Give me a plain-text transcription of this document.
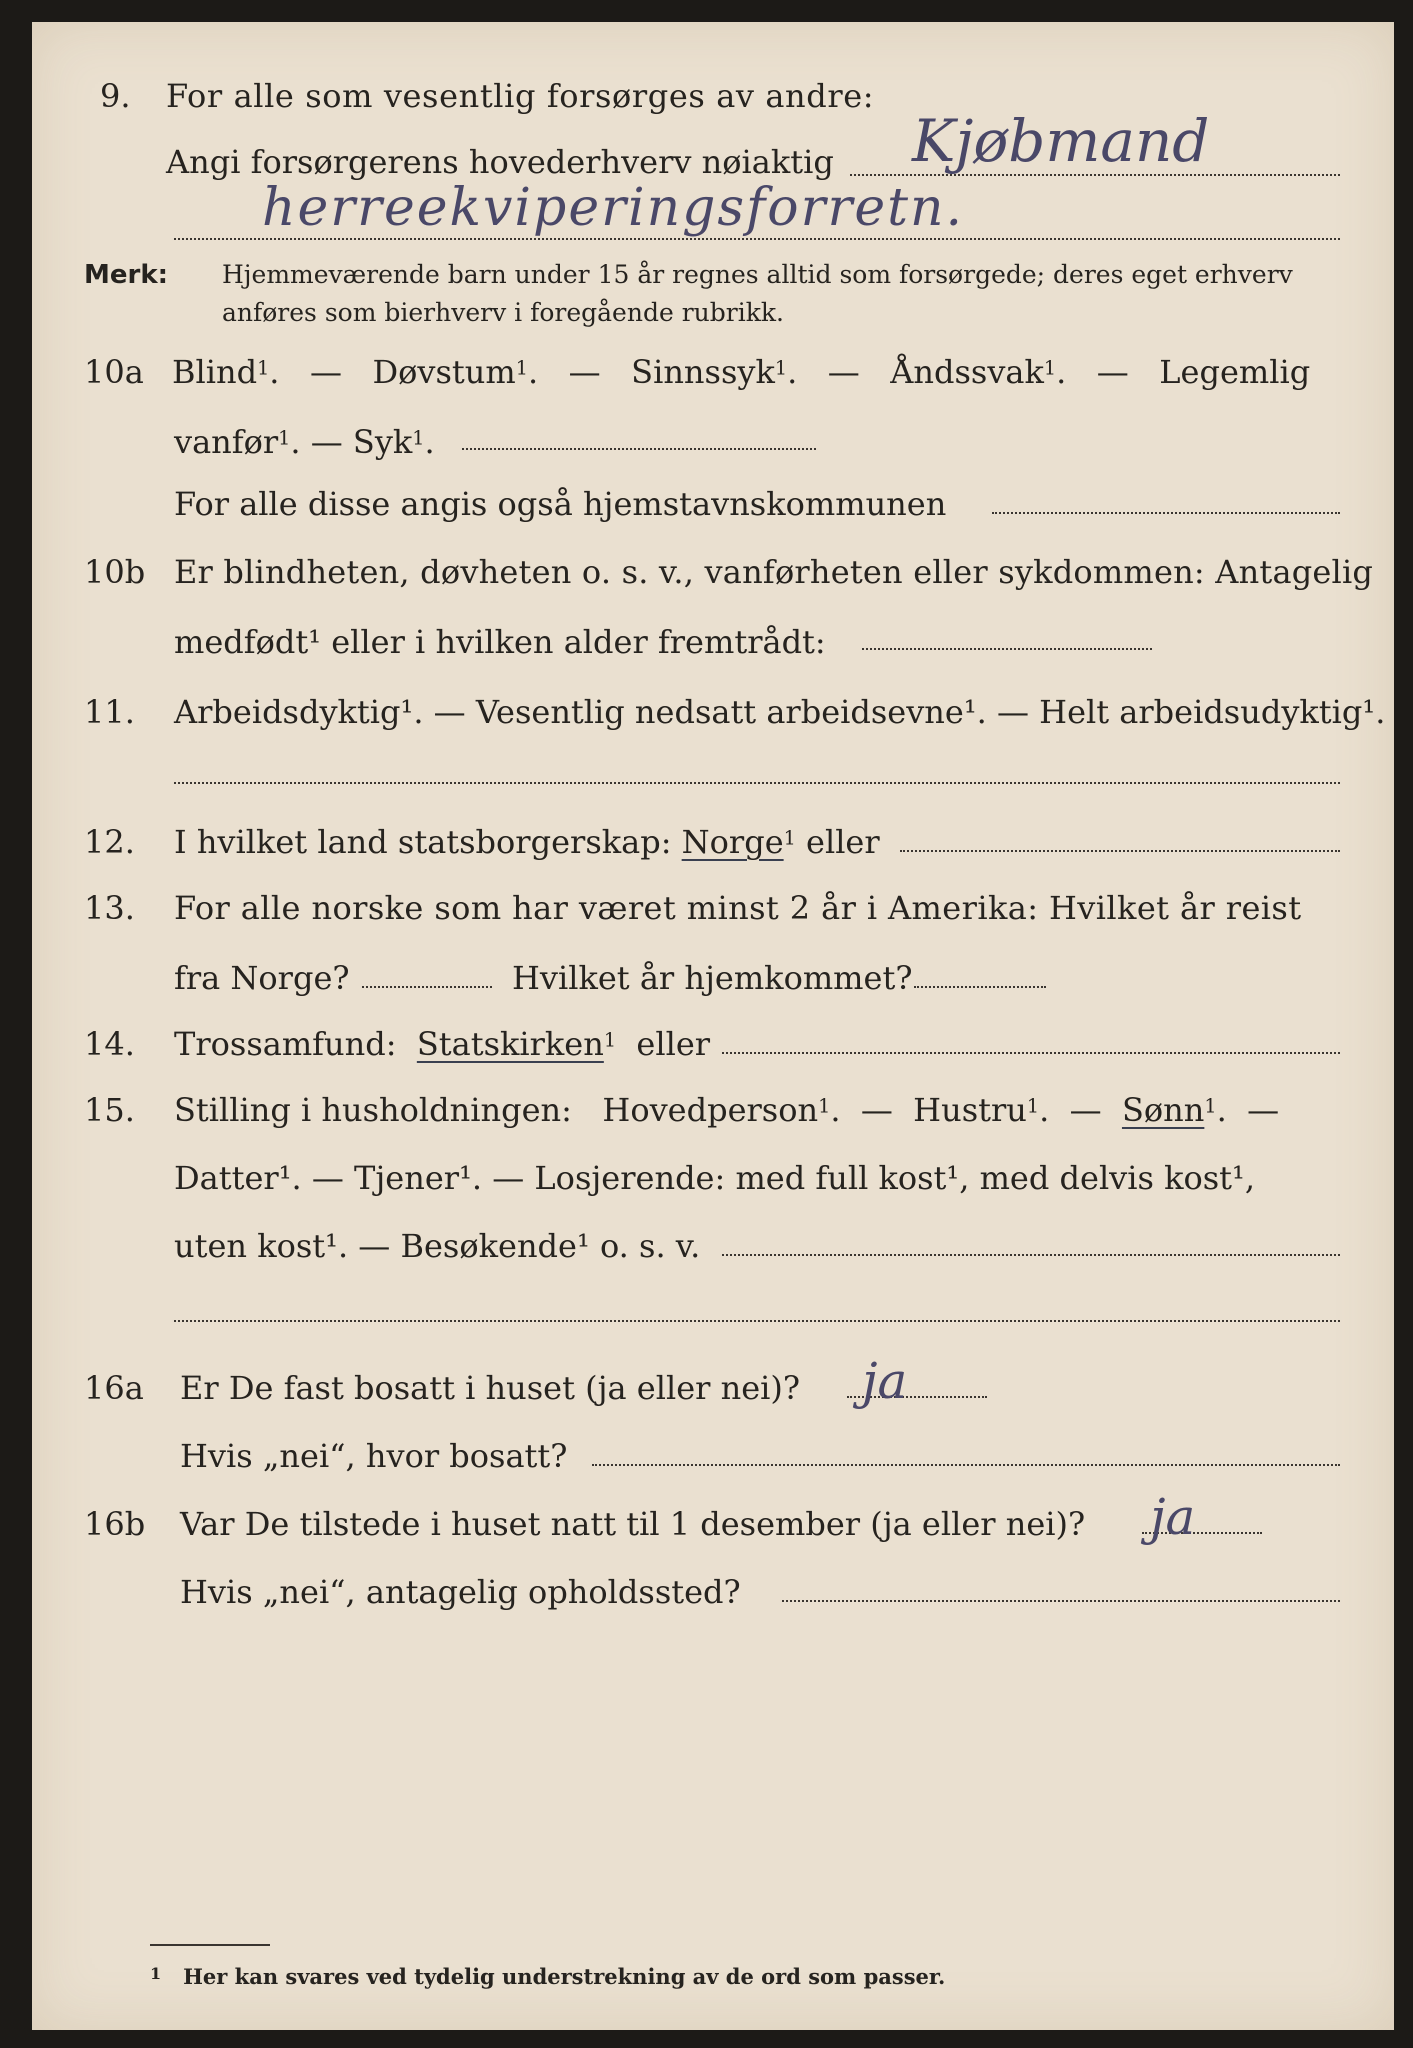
9. For alle som vesentlig forsørges av andre:
Angi forsørgerens hovederhverv nøiaktig Kjøbmand
herreekviperingsforretn.
Merk: Hjemmeværende barn under 15 år regnes alltid som forsørgede; deres eget erhverv
anføres som bierhverv i foregående rubrikk.
10a Blind$^1$.   —   Døvstum$^1$.   —   Sinnssyk$^1$.   —   Åndssvak$^1$.   —   Legemlig
vanfør$^1$. — Syk$^1$.
For alle disse angis også hjemstavnskommunen
10b Er blindheten, døvheten o. s. v., vanførheten eller sykdommen: Antagelig
medfødt¹ eller i hvilken alder fremtrådt:
11. Arbeidsdyktig¹. — Vesentlig nedsatt arbeidsevne¹. — Helt arbeidsudyktig¹.
12. I hvilket land statsborgerskap: Norge$^1$ eller
13. For alle norske som har været minst 2 år i Amerika: Hvilket år reist
fra Norge?	Hvilket år hjemkommet?
14. Trossamfund: Statskirken$^1$ eller
15. Stilling i husholdningen: Hovedperson$^1$.  —  Hustru$^1$.  —  Sønn$^1$.  —
Datter¹. — Tjener¹. — Losjerende: med full kost¹, med delvis kost¹,
uten kost¹. — Besøkende¹ o. s. v.
16a Er De fast bosatt i huset (ja eller nei)? ja
Hvis „nei“, hvor bosatt?
16b Var De tilstede i huset natt til 1 desember (ja eller nei)? ja
Hvis „nei“, antagelig opholdssted?
$^1$ Her kan svares ved tydelig understrekning av de ord som passer.
